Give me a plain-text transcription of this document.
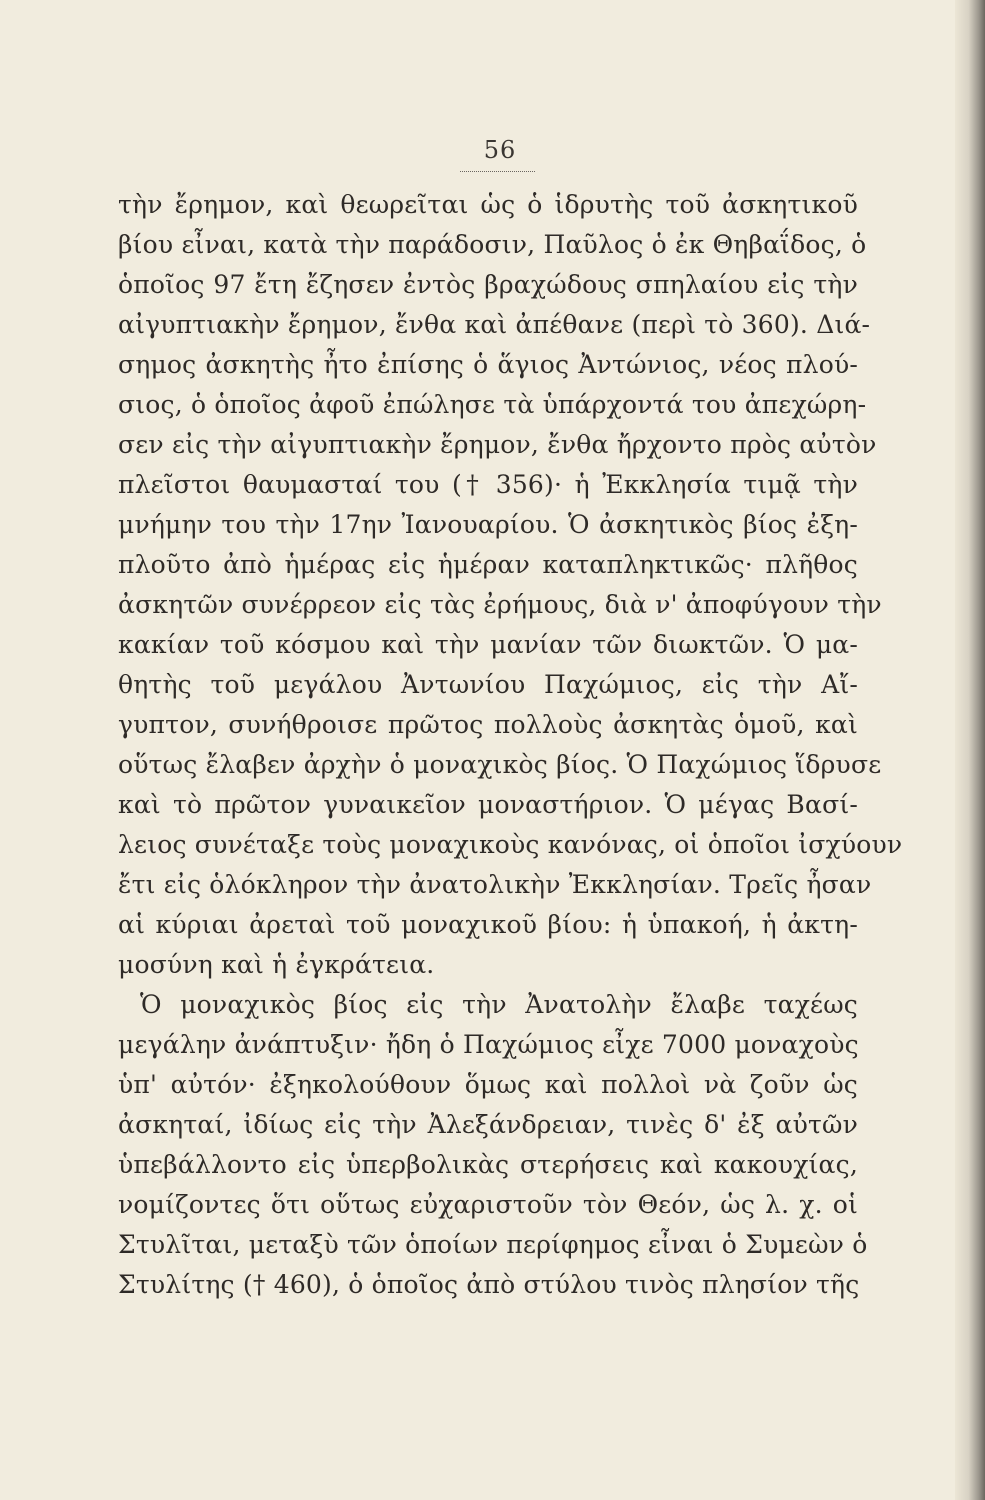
56
τὴν ἔρημον, καὶ θεωρεῖται ὡς ὁ ἱδρυτὴς τοῦ ἀσκητικοῦ
βίου εἶναι, κατὰ τὴν παράδοσιν, Παῦλος ὁ ἐκ Θηβαΐδος, ὁ
ὁποῖος 97 ἔτη ἔζησεν ἐντὸς βραχώδους σπηλαίου εἰς τὴν
αἰγυπτιακὴν ἔρημον, ἔνθα καὶ ἀπέθανε (περὶ τὸ 360). Διά-
σημος ἀσκητὴς ἦτο ἐπίσης ὁ ἅγιος Ἀντώνιος, νέος πλού-
σιος, ὁ ὁποῖος ἀφοῦ ἐπώλησε τὰ ὑπάρχοντά του ἀπεχώρη-
σεν εἰς τὴν αἰγυπτιακὴν ἔρημον, ἔνθα ἤρχοντο πρὸς αὐτὸν
πλεῖστοι θαυμασταί του († 356)· ἡ Ἐκκλησία τιμᾷ τὴν
μνήμην του τὴν 17ην Ἰανουαρίου. Ὁ ἀσκητικὸς βίος ἐξη-
πλοῦτο ἀπὸ ἡμέρας εἰς ἡμέραν καταπληκτικῶς· πλῆθος
ἀσκητῶν συνέρρεον εἰς τὰς ἐρήμους, διὰ ν' ἀποφύγουν τὴν
κακίαν τοῦ κόσμου καὶ τὴν μανίαν τῶν διωκτῶν. Ὁ μα-
θητὴς τοῦ μεγάλου Ἀντωνίου Παχώμιος, εἰς τὴν Αἴ-
γυπτον, συνήθροισε πρῶτος πολλοὺς ἀσκητὰς ὁμοῦ, καὶ
οὕτως ἔλαβεν ἀρχὴν ὁ μοναχικὸς βίος. Ὁ Παχώμιος ἵδρυσε
καὶ τὸ πρῶτον γυναικεῖον μοναστήριον. Ὁ μέγας Βασί-
λειος συνέταξε τοὺς μοναχικοὺς κανόνας, οἱ ὁποῖοι ἰσχύουν
ἔτι εἰς ὁλόκληρον τὴν ἀνατολικὴν Ἐκκλησίαν. Τρεῖς ἦσαν
αἱ κύριαι ἀρεταὶ τοῦ μοναχικοῦ βίου: ἡ ὑπακοή, ἡ ἀκτη-
μοσύνη καὶ ἡ ἐγκράτεια.
Ὁ μοναχικὸς βίος εἰς τὴν Ἀνατολὴν ἔλαβε ταχέως
μεγάλην ἀνάπτυξιν· ἤδη ὁ Παχώμιος εἶχε 7000 μοναχοὺς
ὑπ' αὐτόν· ἐξηκολούθουν ὅμως καὶ πολλοὶ νὰ ζοῦν ὡς
ἀσκηταί, ἰδίως εἰς τὴν Ἀλεξάνδρειαν, τινὲς δ' ἐξ αὐτῶν
ὑπεβάλλοντο εἰς ὑπερβολικὰς στερήσεις καὶ κακουχίας,
νομίζοντες ὅτι οὕτως εὐχαριστοῦν τὸν Θεόν, ὡς λ. χ. οἱ
Στυλῖται, μεταξὺ τῶν ὁποίων περίφημος εἶναι ὁ Συμεὼν ὁ
Στυλίτης († 460), ὁ ὁποῖος ἀπὸ στύλου τινὸς πλησίον τῆς
